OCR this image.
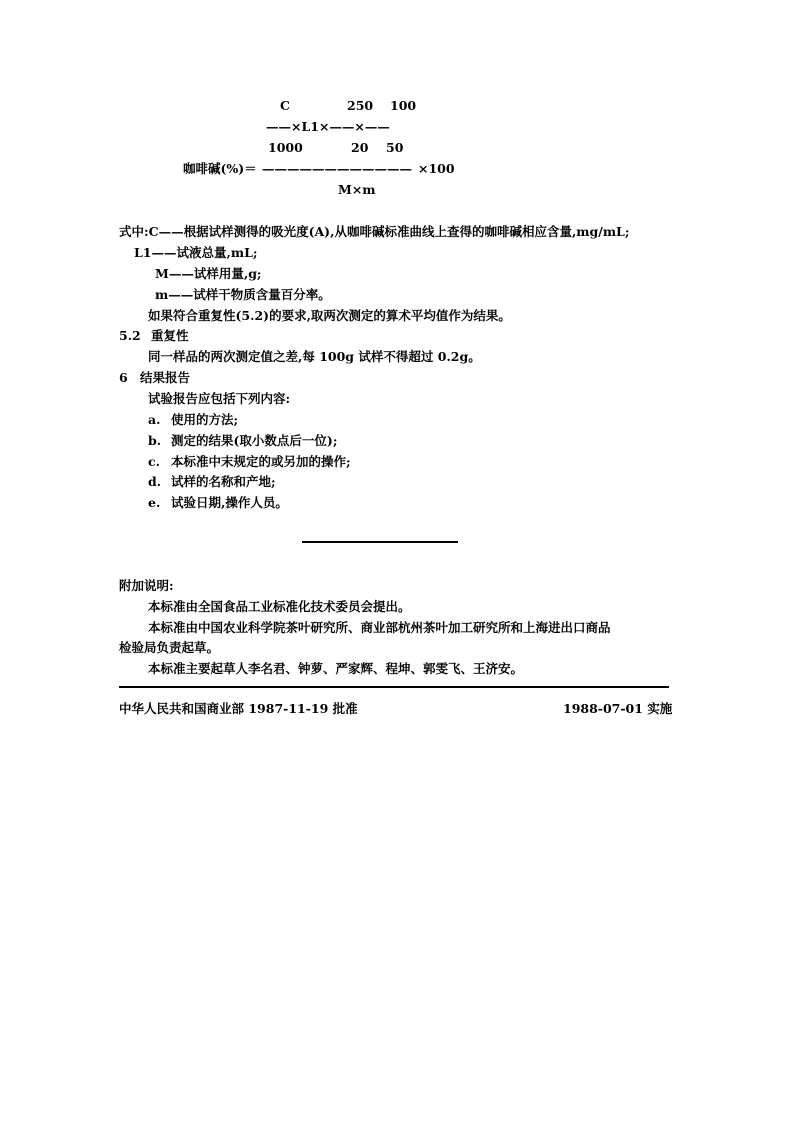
C	250 100
——×L1×——×——
1000	20 50
咖啡碱(%)＝ ———————————— ×100
M×m
式中:C——根据试样测得的吸光度(A),从咖啡碱标准曲线上查得的咖啡碱相应含量,mg/mL;
L1——试液总量,mL;
M——试样用量,g;
m——试样干物质含量百分率。
如果符合重复性(5.2)的要求,取两次测定的算术平均值作为结果。
5.2 重复性
同一样品的两次测定值之差,每 100g 试样不得超过 0.2g。
6 结果报告
试验报告应包括下列内容:
a. 使用的方法;
b. 测定的结果(取小数点后一位);
c. 本标准中末规定的或另加的操作;
d. 试样的名称和产地;
e. 试验日期,操作人员。
附加说明:
本标准由全国食品工业标准化技术委员会提出。
本标准由中国农业科学院茶叶研究所、商业部杭州茶叶加工研究所和上海进出口商品
检验局负责起草。
本标准主要起草人李名君、钟萝、严家辉、程坤、郭雯飞、王济安。
中华人民共和国商业部 1987-11-19 批准	1988-07-01 实施
